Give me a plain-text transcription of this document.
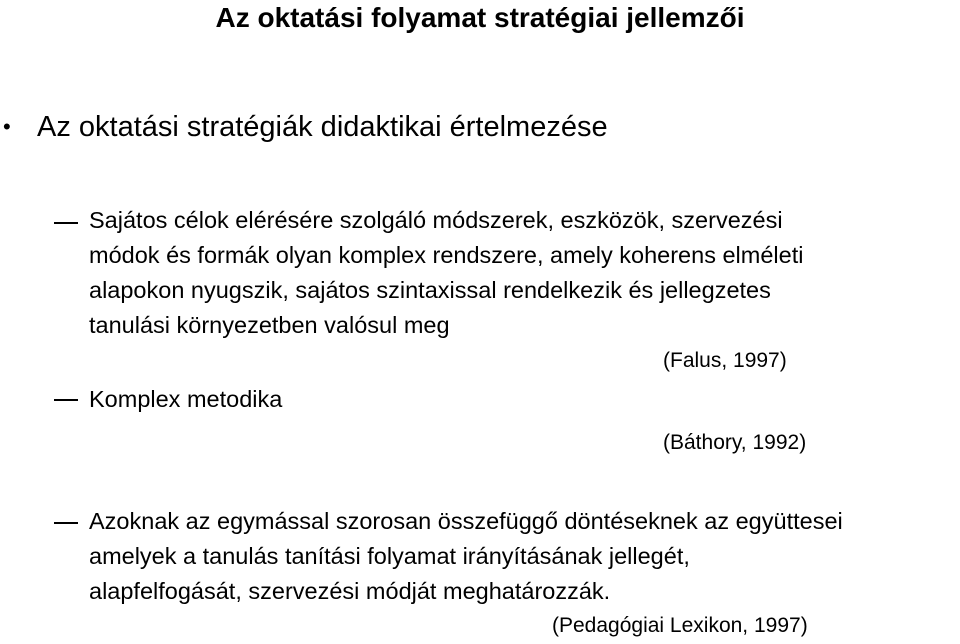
Az oktatási folyamat stratégiai jellemzői
• Az oktatási stratégiák didaktikai értelmezése
Sajátos célok elérésére szolgáló módszerek, eszközök, szervezési
módok és formák olyan komplex rendszere, amely koherens elméleti
alapokon nyugszik, sajátos szintaxissal rendelkezik és jellegzetes
tanulási környezetben valósul meg
(Falus, 1997)
Komplex metodika
(Báthory, 1992)
Azoknak az egymással szorosan összefüggő döntéseknek az együttesei
amelyek a tanulás tanítási folyamat irányításának jellegét,
alapfelfogását, szervezési módját meghatározzák.
(Pedagógiai Lexikon, 1997)
